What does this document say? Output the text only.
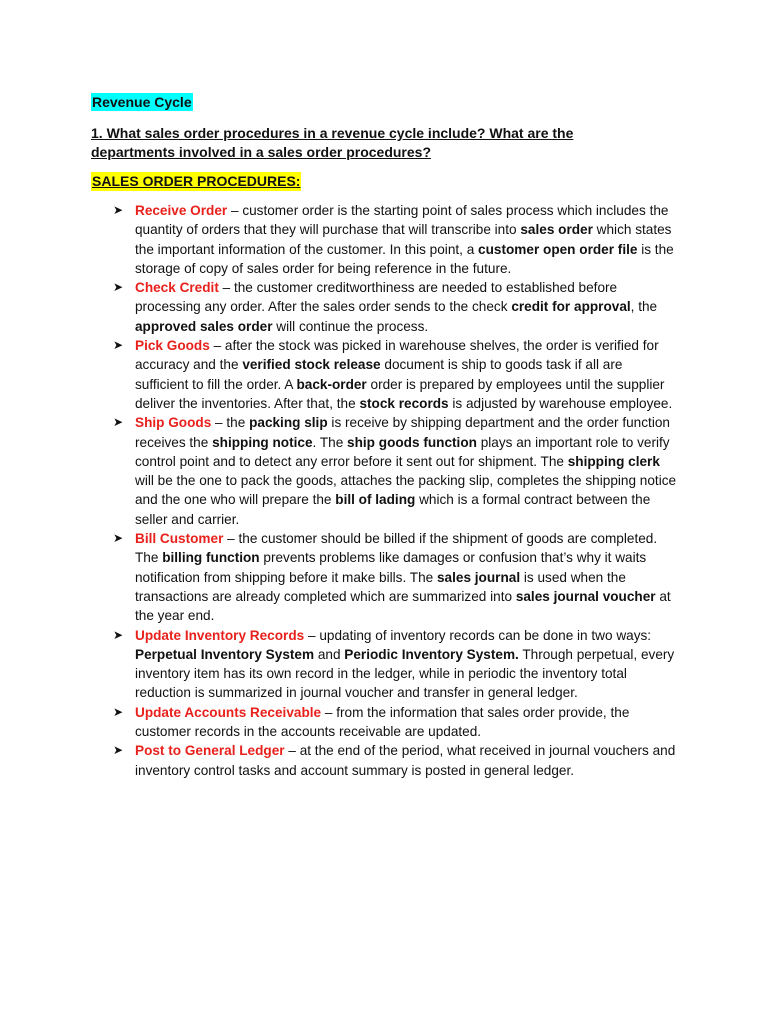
Revenue Cycle
1. What sales order procedures in a revenue cycle include? What are the departments involved in a sales order procedures?
SALES ORDER PROCEDURES:
➤ Receive Order – customer order is the starting point of sales process which includes the quantity of orders that they will purchase that will transcribe into sales order which states the important information of the customer. In this point, a customer open order file is the storage of copy of sales order for being reference in the future.
➤ Check Credit – the customer creditworthiness are needed to established before processing any order. After the sales order sends to the check credit for approval, the approved sales order will continue the process.
➤ Pick Goods – after the stock was picked in warehouse shelves, the order is verified for accuracy and the verified stock release document is ship to goods task if all are sufficient to fill the order. A back-order order is prepared by employees until the supplier deliver the inventories. After that, the stock records is adjusted by warehouse employee.
➤ Ship Goods – the packing slip is receive by shipping department and the order function receives the shipping notice. The ship goods function plays an important role to verify control point and to detect any error before it sent out for shipment. The shipping clerk will be the one to pack the goods, attaches the packing slip, completes the shipping notice and the one who will prepare the bill of lading which is a formal contract between the seller and carrier.
➤ Bill Customer – the customer should be billed if the shipment of goods are completed. The billing function prevents problems like damages or confusion that’s why it waits notification from shipping before it make bills. The sales journal is used when the transactions are already completed which are summarized into sales journal voucher at the year end.
➤ Update Inventory Records – updating of inventory records can be done in two ways: Perpetual Inventory System and Periodic Inventory System. Through perpetual, every inventory item has its own record in the ledger, while in periodic the inventory total reduction is summarized in journal voucher and transfer in general ledger.
➤ Update Accounts Receivable – from the information that sales order provide, the customer records in the accounts receivable are updated.
➤ Post to General Ledger – at the end of the period, what received in journal vouchers and inventory control tasks and account summary is posted in general ledger.
